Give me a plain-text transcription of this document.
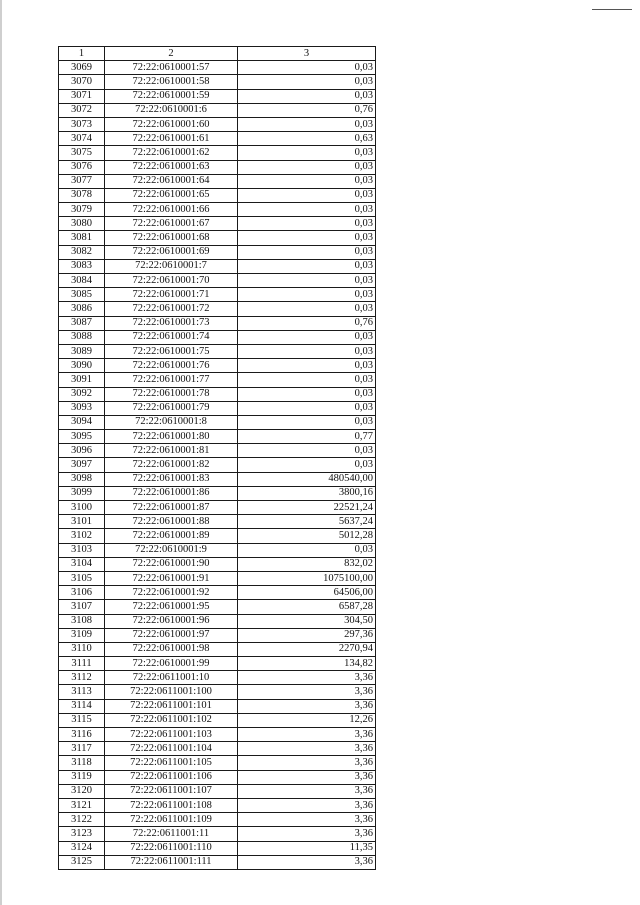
1	2	3
3069	72:22:0610001:57	0,03
3070	72:22:0610001:58	0,03
3071	72:22:0610001:59	0,03
3072	72:22:0610001:6	0,76
3073	72:22:0610001:60	0,03
3074	72:22:0610001:61	0,63
3075	72:22:0610001:62	0,03
3076	72:22:0610001:63	0,03
3077	72:22:0610001:64	0,03
3078	72:22:0610001:65	0,03
3079	72:22:0610001:66	0,03
3080	72:22:0610001:67	0,03
3081	72:22:0610001:68	0,03
3082	72:22:0610001:69	0,03
3083	72:22:0610001:7	0,03
3084	72:22:0610001:70	0,03
3085	72:22:0610001:71	0,03
3086	72:22:0610001:72	0,03
3087	72:22:0610001:73	0,76
3088	72:22:0610001:74	0,03
3089	72:22:0610001:75	0,03
3090	72:22:0610001:76	0,03
3091	72:22:0610001:77	0,03
3092	72:22:0610001:78	0,03
3093	72:22:0610001:79	0,03
3094	72:22:0610001:8	0,03
3095	72:22:0610001:80	0,77
3096	72:22:0610001:81	0,03
3097	72:22:0610001:82	0,03
3098	72:22:0610001:83	480540,00
3099	72:22:0610001:86	3800,16
3100	72:22:0610001:87	22521,24
3101	72:22:0610001:88	5637,24
3102	72:22:0610001:89	5012,28
3103	72:22:0610001:9	0,03
3104	72:22:0610001:90	832,02
3105	72:22:0610001:91	1075100,00
3106	72:22:0610001:92	64506,00
3107	72:22:0610001:95	6587,28
3108	72:22:0610001:96	304,50
3109	72:22:0610001:97	297,36
3110	72:22:0610001:98	2270,94
3111	72:22:0610001:99	134,82
3112	72:22:0611001:10	3,36
3113	72:22:0611001:100	3,36
3114	72:22:0611001:101	3,36
3115	72:22:0611001:102	12,26
3116	72:22:0611001:103	3,36
3117	72:22:0611001:104	3,36
3118	72:22:0611001:105	3,36
3119	72:22:0611001:106	3,36
3120	72:22:0611001:107	3,36
3121	72:22:0611001:108	3,36
3122	72:22:0611001:109	3,36
3123	72:22:0611001:11	3,36
3124	72:22:0611001:110	11,35
3125	72:22:0611001:111	3,36
